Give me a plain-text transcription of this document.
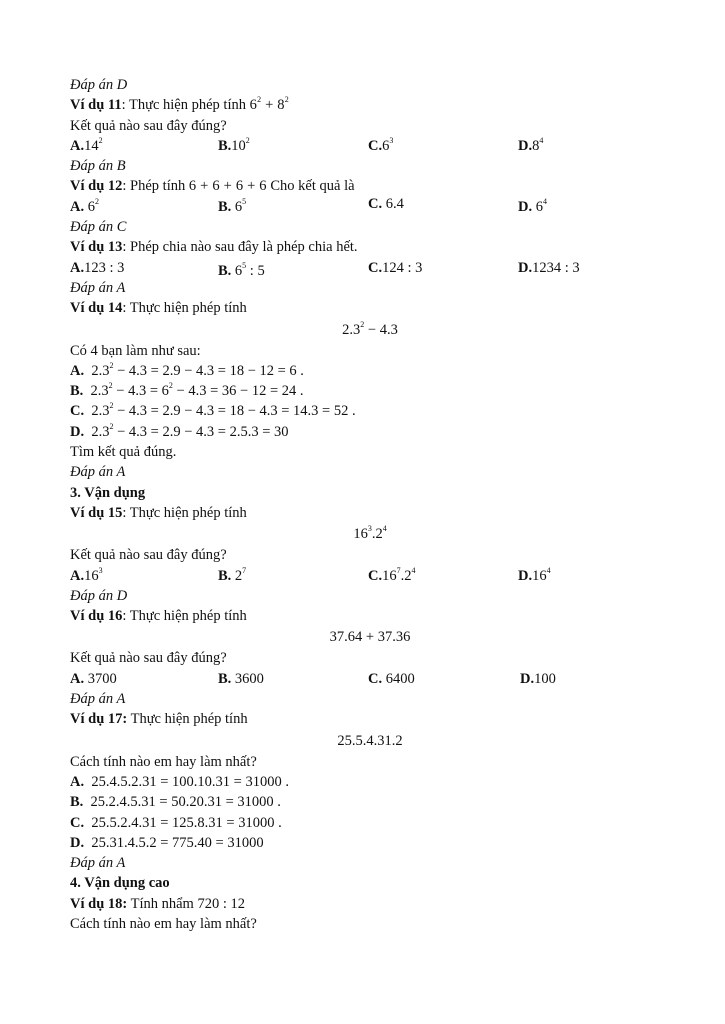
Đáp án D
Ví dụ 11: Thực hiện phép tính $6^2 + 8^2$
Kết quả nào sau đây đúng?
$A.14^2$	$B.10^2$	$C.6^3$	$D.8^4$
Đáp án B
Ví dụ 12: Phép tính 6 + 6 + 6 + 6 Cho kết quả là
A. $6^2$	B. $6^5$	C. 6.4	D. $6^4$
Đáp án C
Ví dụ 13: Phép chia nào sau đây là phép chia hết.
A.123 : 3	B. $6^5$ : 5	C.124 : 3	D.1234 : 3
Đáp án A
Ví dụ 14: Thực hiện phép tính
$2.3^2 - 4.3$
Có 4 bạn làm như sau:
A. $2.3^2 - 4.3 = 2.9 - 4.3 = 18 - 12 = 6$ .
B. $2.3^2 - 4.3 = 6^2 - 4.3 = 36 - 12 = 24$ .
C. $2.3^2 - 4.3 = 2.9 - 4.3 = 18 - 4.3 = 14.3 = 52$ .
D. $2.3^2 - 4.3 = 2.9 - 4.3 = 2.5.3 = 30$
Tìm kết quả đúng.
Đáp án A
3. Vận dụng
Ví dụ 15: Thực hiện phép tính
$16^3.2^4$
Kết quả nào sau đây đúng?
$A.16^3$	B. $2^7$	$C.16^7.2^4$	$D.16^4$
Đáp án D
Ví dụ 16: Thực hiện phép tính
37.64 + 37.36
Kết quả nào sau đây đúng?
A. 3700	B. 3600	C. 6400	D.100
Đáp án A
Ví dụ 17: Thực hiện phép tính
25.5.4.31.2
Cách tính nào em hay làm nhất?
A. 25.4.5.2.31 = 100.10.31 = 31000 .
B. 25.2.4.5.31 = 50.20.31 = 31000 .
C. 25.5.2.4.31 = 125.8.31 = 31000 .
D. 25.31.4.5.2 = 775.40 = 31000
Đáp án A
4. Vận dụng cao
Ví dụ 18: Tính nhẩm 720 : 12
Cách tính nào em hay làm nhất?
